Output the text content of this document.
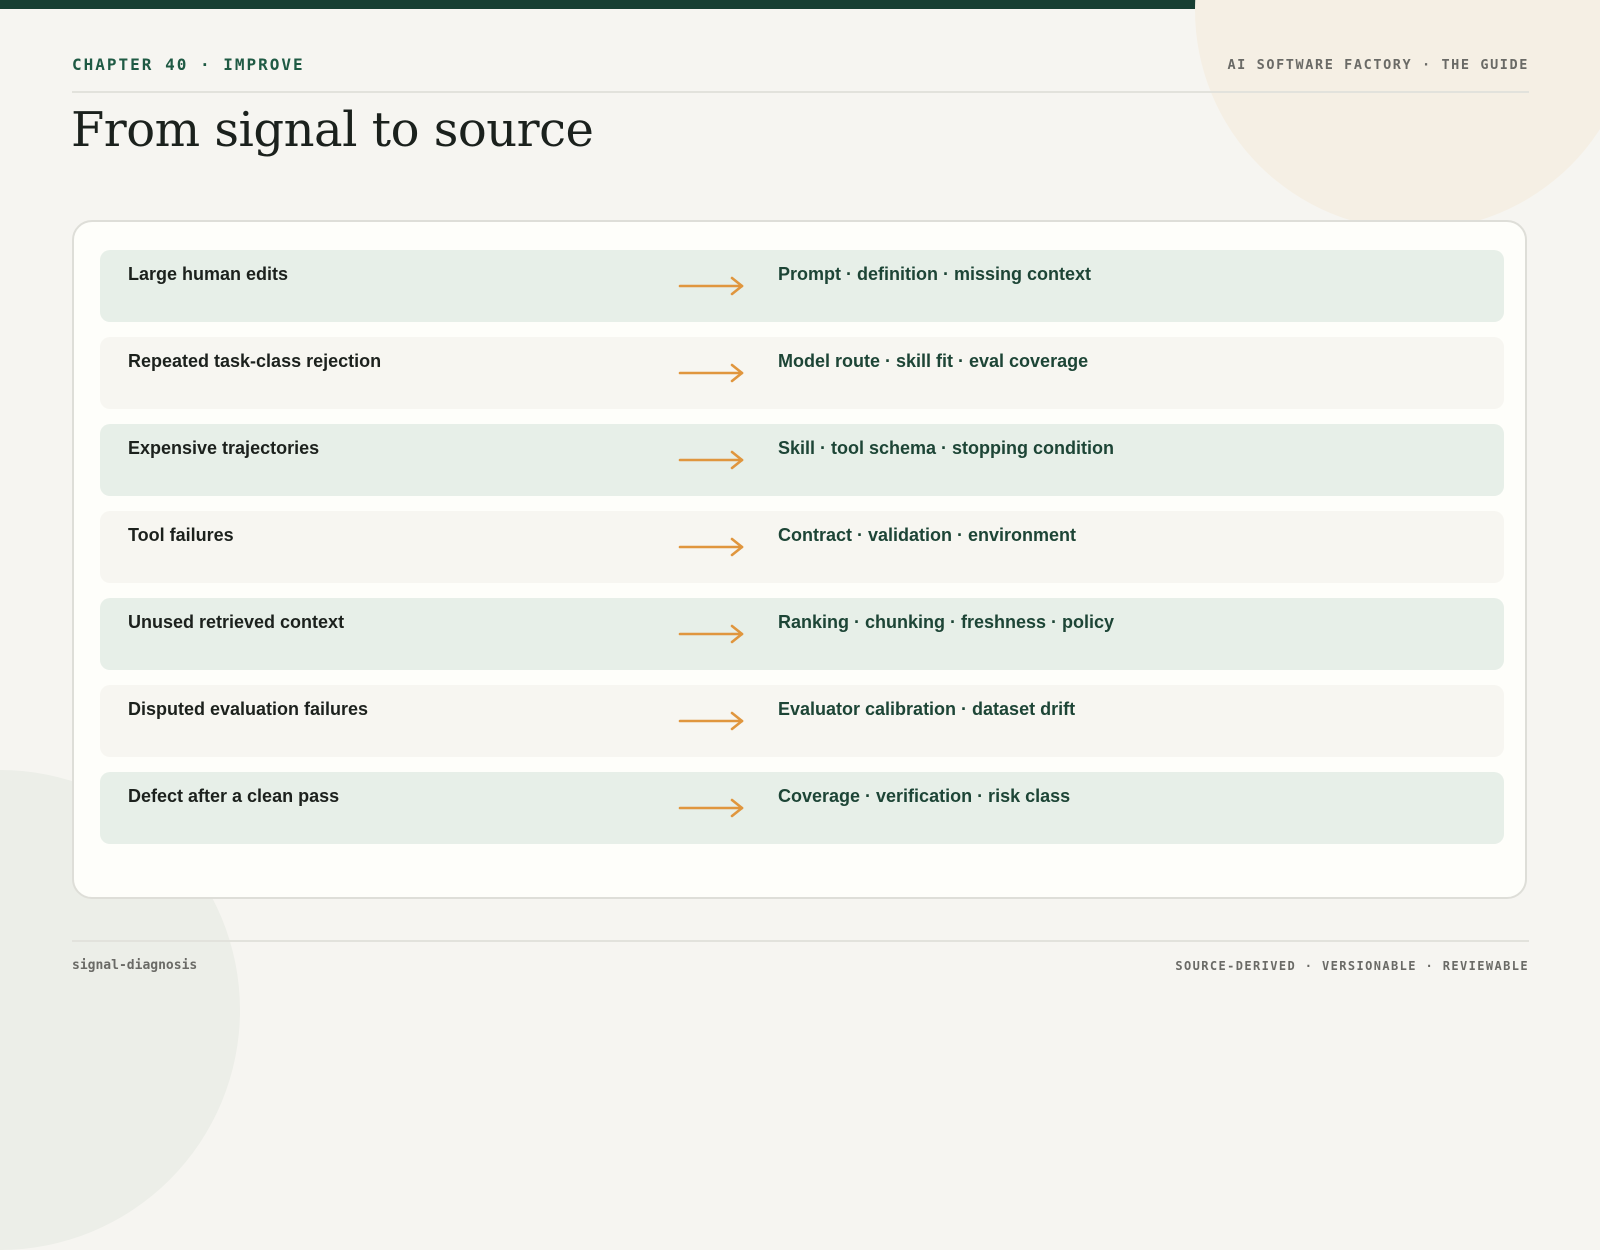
CHAPTER 40 · IMPROVE	AI SOFTWARE FACTORY · THE GUIDE
From signal to source
Large human edits	Prompt · definition · missing context
Repeated task-class rejection	Model route · skill fit · eval coverage
Expensive trajectories	Skill · tool schema · stopping condition
Tool failures	Contract · validation · environment
Unused retrieved context	Ranking · chunking · freshness · policy
Disputed evaluation failures	Evaluator calibration · dataset drift
Defect after a clean pass	Coverage · verification · risk class
signal-diagnosis	SOURCE-DERIVED · VERSIONABLE · REVIEWABLE
